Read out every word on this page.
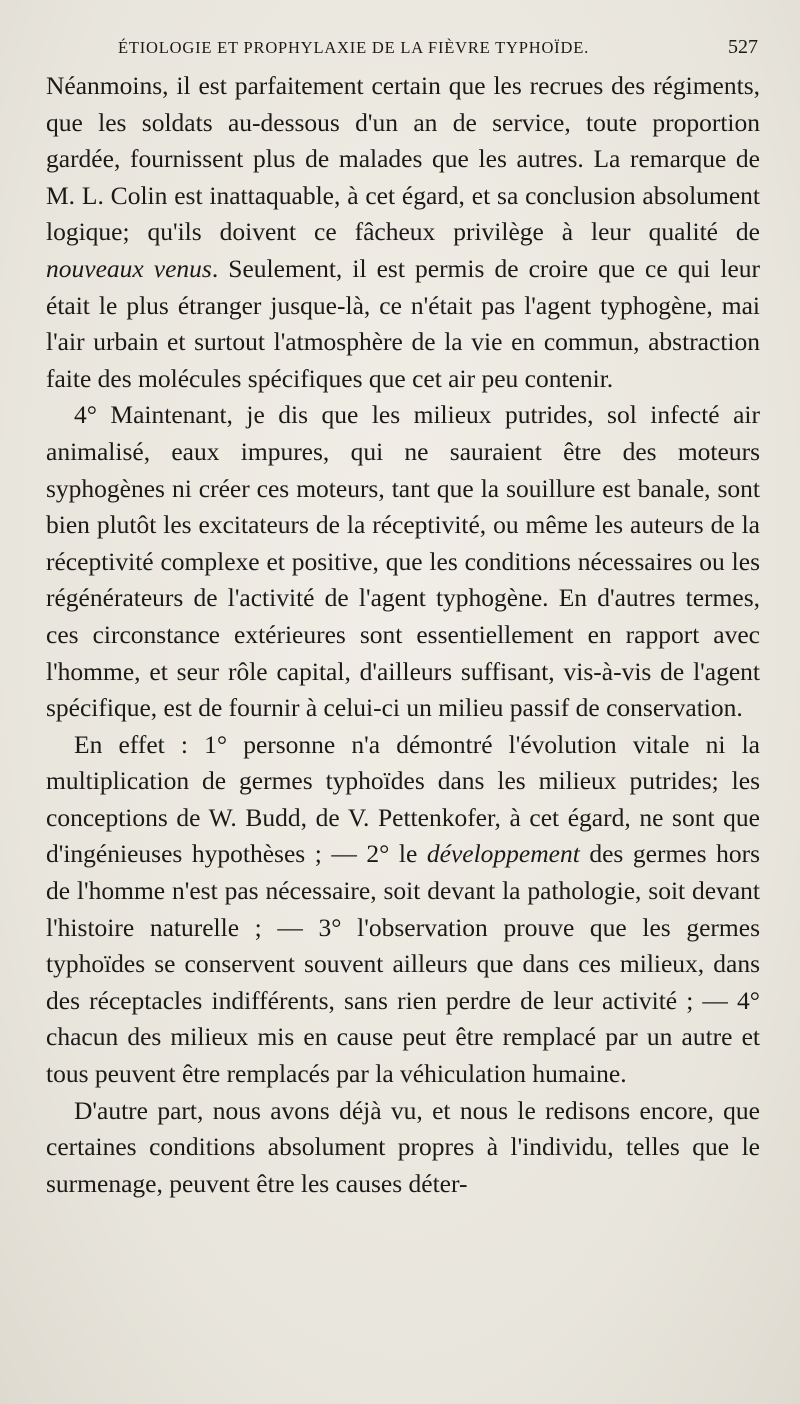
ÉTIOLOGIE ET PROPHYLAXIE DE LA FIÈVRE TYPHOÏDE.	527

Néanmoins, il est parfaitement certain que les recrues des régiments, que les soldats au-dessous d'un an de service, toute proportion gardée, fournissent plus de malades que les autres. La remarque de M. L. Colin est inattaquable, à cet égard, et sa conclusion absolument logique; qu'ils doivent ce fâcheux privilège à leur qualité de nouveaux venus. Seulement, il est permis de croire que ce qui leur était le plus étranger jusque-là, ce n'était pas l'agent typhogène, mai l'air urbain et surtout l'atmosphère de la vie en commun, abstraction faite des molécules spécifiques que cet air peu contenir.

4° Maintenant, je dis que les milieux putrides, sol infecté air animalisé, eaux impures, qui ne sauraient être des moteurs syphogènes ni créer ces moteurs, tant que la souillure est banale, sont bien plutôt les excitateurs de la réceptivité, ou même les auteurs de la réceptivité complexe et positive, que les conditions nécessaires ou les régénérateurs de l'activité de l'agent typhogène. En d'autres termes, ces circonstance extérieures sont essentiellement en rapport avec l'homme, et seur rôle capital, d'ailleurs suffisant, vis-à-vis de l'agent spécifique, est de fournir à celui-ci un milieu passif de conservation.

En effet : 1° personne n'a démontré l'évolution vitale ni la multiplication de germes typhoïdes dans les milieux putrides; les conceptions de W. Budd, de V. Pettenkofer, à cet égard, ne sont que d'ingénieuses hypothèses ; — 2° le développement des germes hors de l'homme n'est pas nécessaire, soit devant la pathologie, soit devant l'histoire naturelle ; — 3° l'observation prouve que les germes typhoïdes se conservent souvent ailleurs que dans ces milieux, dans des réceptacles indifférents, sans rien perdre de leur activité ; — 4° chacun des milieux mis en cause peut être remplacé par un autre et tous peuvent être remplacés par la véhiculation humaine.

D'autre part, nous avons déjà vu, et nous le redisons encore, que certaines conditions absolument propres à l'individu, telles que le surmenage, peuvent être les causes déter-
